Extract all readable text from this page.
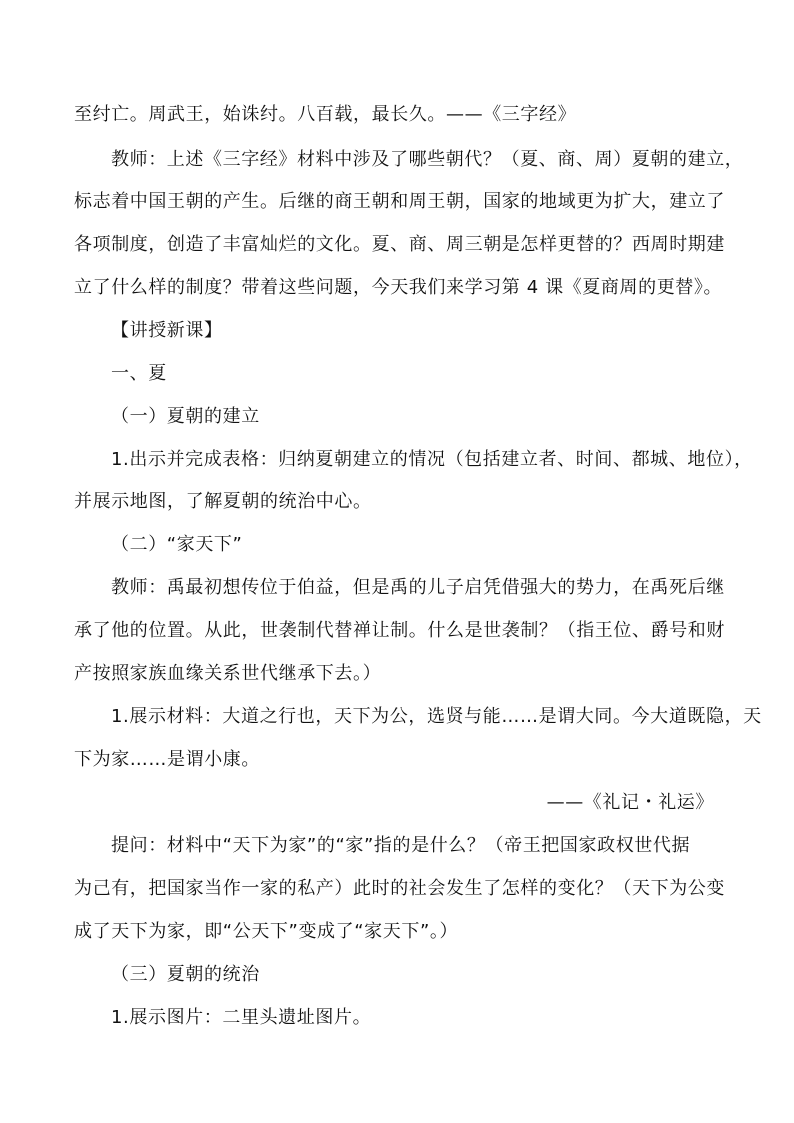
至纣亡。周武王，始诛纣。八百载，最长久。——《三字经》
教师：上述《三字经》材料中涉及了哪些朝代？（夏、商、周）夏朝的建立，
标志着中国王朝的产生。后继的商王朝和周王朝，国家的地域更为扩大，建立了
各项制度，创造了丰富灿烂的文化。夏、商、周三朝是怎样更替的？西周时期建
立了什么样的制度？带着这些问题，今天我们来学习第 4 课《夏商周的更替》。
【讲授新课】
一、夏
（一）夏朝的建立
1.出示并完成表格：归纳夏朝建立的情况（包括建立者、时间、都城、地位），
并展示地图，了解夏朝的统治中心。
（二）“家天下”
教师：禹最初想传位于伯益，但是禹的儿子启凭借强大的势力，在禹死后继
承了他的位置。从此，世袭制代替禅让制。什么是世袭制？（指王位、爵号和财
产按照家族血缘关系世代继承下去。）
1.展示材料：大道之行也，天下为公，选贤与能……是谓大同。今大道既隐，天
下为家……是谓小康。
——《礼记・礼运》
提问：材料中“天下为家”的“家”指的是什么？（帝王把国家政权世代据
为己有，把国家当作一家的私产）此时的社会发生了怎样的变化？（天下为公变
成了天下为家，即“公天下”变成了“家天下”。）
（三）夏朝的统治
1.展示图片：二里头遗址图片。
